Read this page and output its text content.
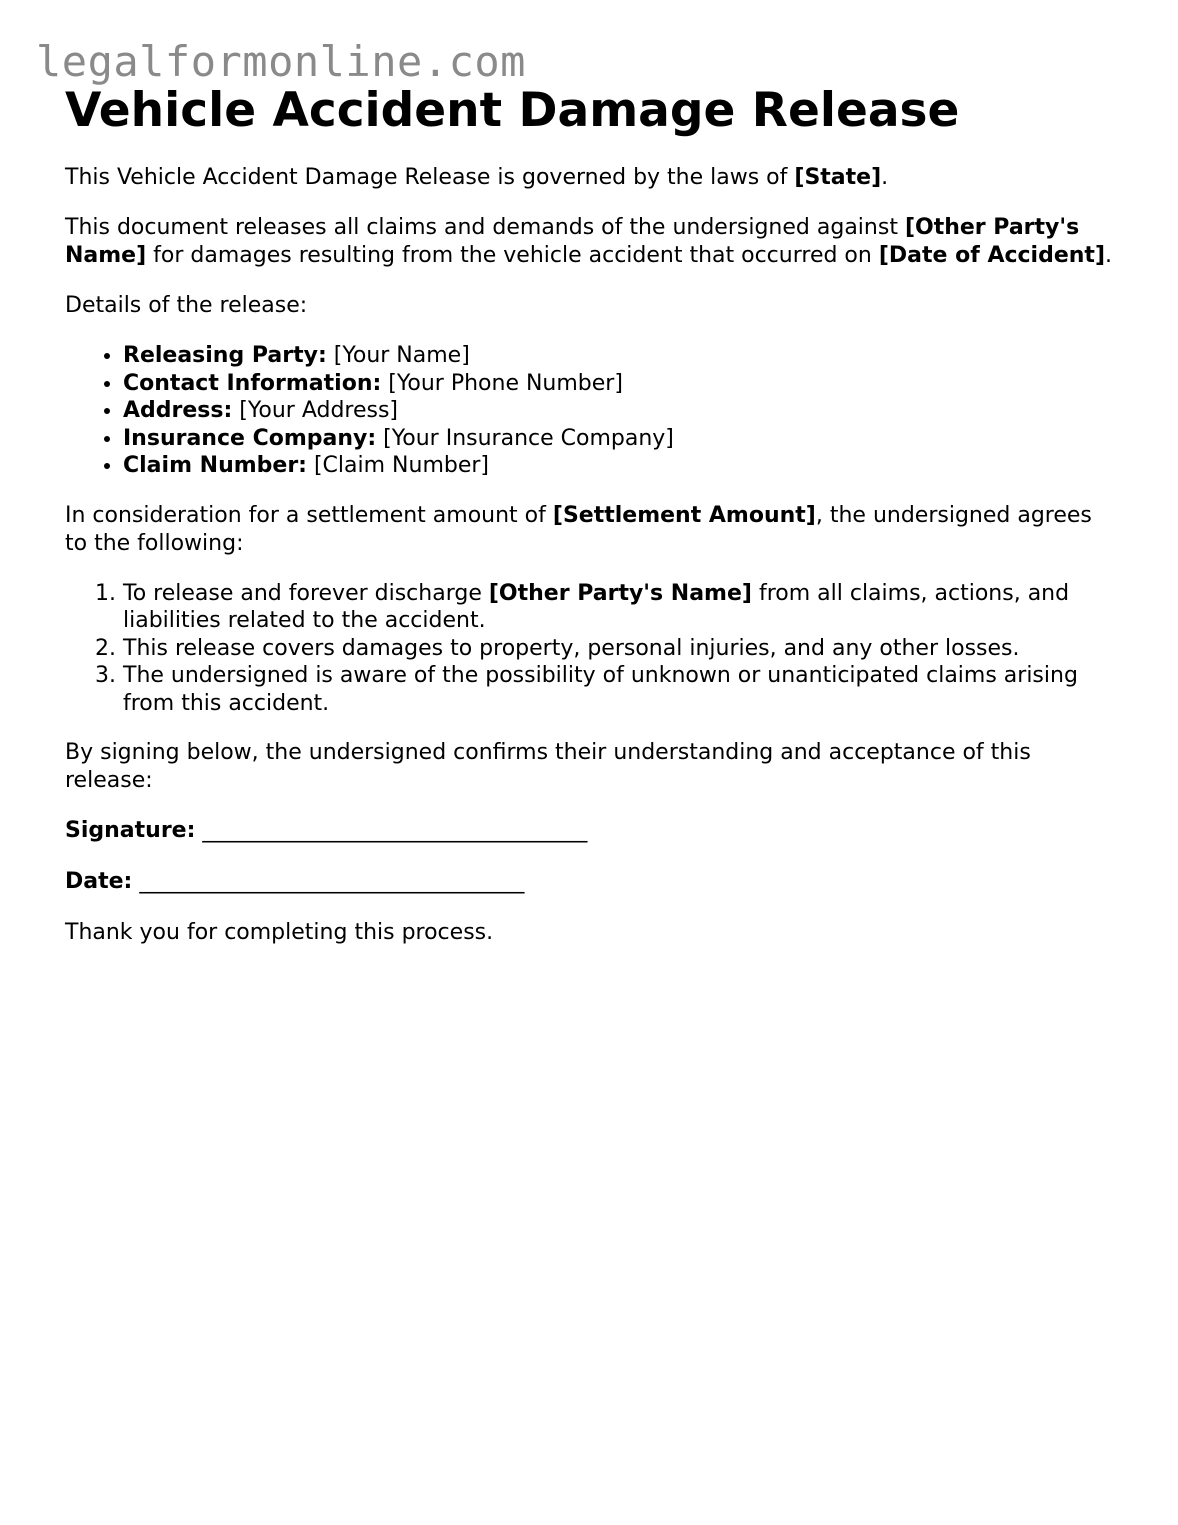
legalformonline.com
Vehicle Accident Damage Release

This Vehicle Accident Damage Release is governed by the laws of [State].

This document releases all claims and demands of the undersigned against [Other Party's Name] for damages resulting from the vehicle accident that occurred on [Date of Accident].

Details of the release:

• Releasing Party: [Your Name]
• Contact Information: [Your Phone Number]
• Address: [Your Address]
• Insurance Company: [Your Insurance Company]
• Claim Number: [Claim Number]

In consideration for a settlement amount of [Settlement Amount], the undersigned agrees to the following:

1. To release and forever discharge [Other Party's Name] from all claims, actions, and liabilities related to the accident.
2. This release covers damages to property, personal injuries, and any other losses.
3. The undersigned is aware of the possibility of unknown or unanticipated claims arising from this accident.

By signing below, the undersigned confirms their understanding and acceptance of this release:

Signature: ___________________________________

Date: ___________________________________

Thank you for completing this process.
